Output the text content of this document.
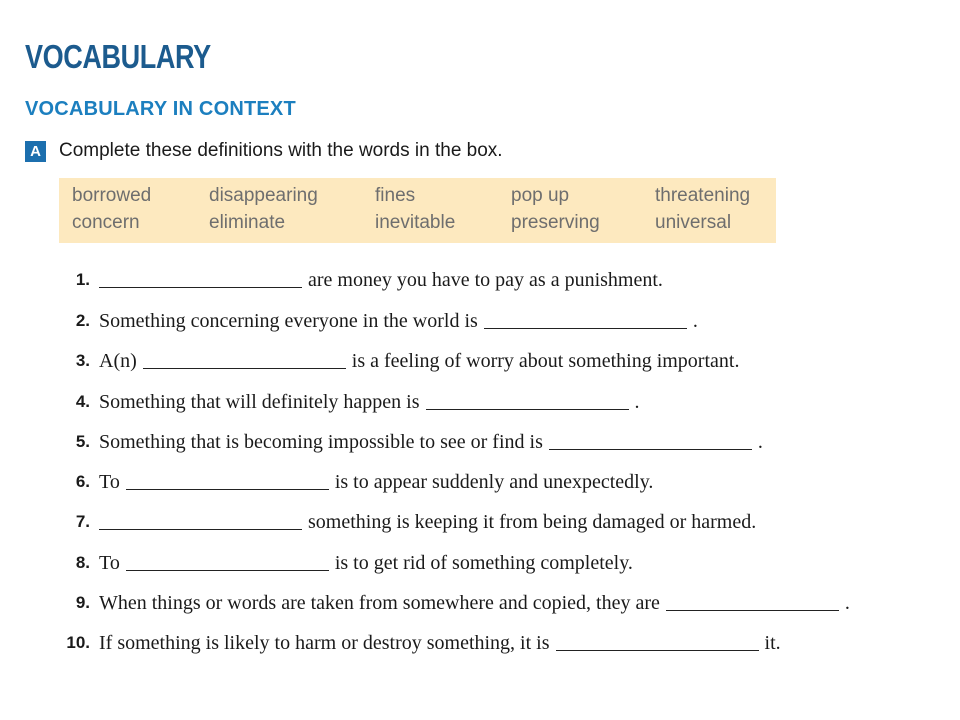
VOCABULARY
VOCABULARY IN CONTEXT
A Complete these definitions with the words in the box.
borrowed	disappearing	fines	pop up	threatening
concern	eliminate	inevitable	preserving	universal
1.	are money you have to pay as a punishment.
2. Something concerning everyone in the world is	.
3. A(n)	is a feeling of worry about something important.
4. Something that will definitely happen is	.
5. Something that is becoming impossible to see or find is	.
6. To	is to appear suddenly and unexpectedly.
7.	something is keeping it from being damaged or harmed.
8. To	is to get rid of something completely.
9. When things or words are taken from somewhere and copied, they are	.
10. If something is likely to harm or destroy something, it is	it.
